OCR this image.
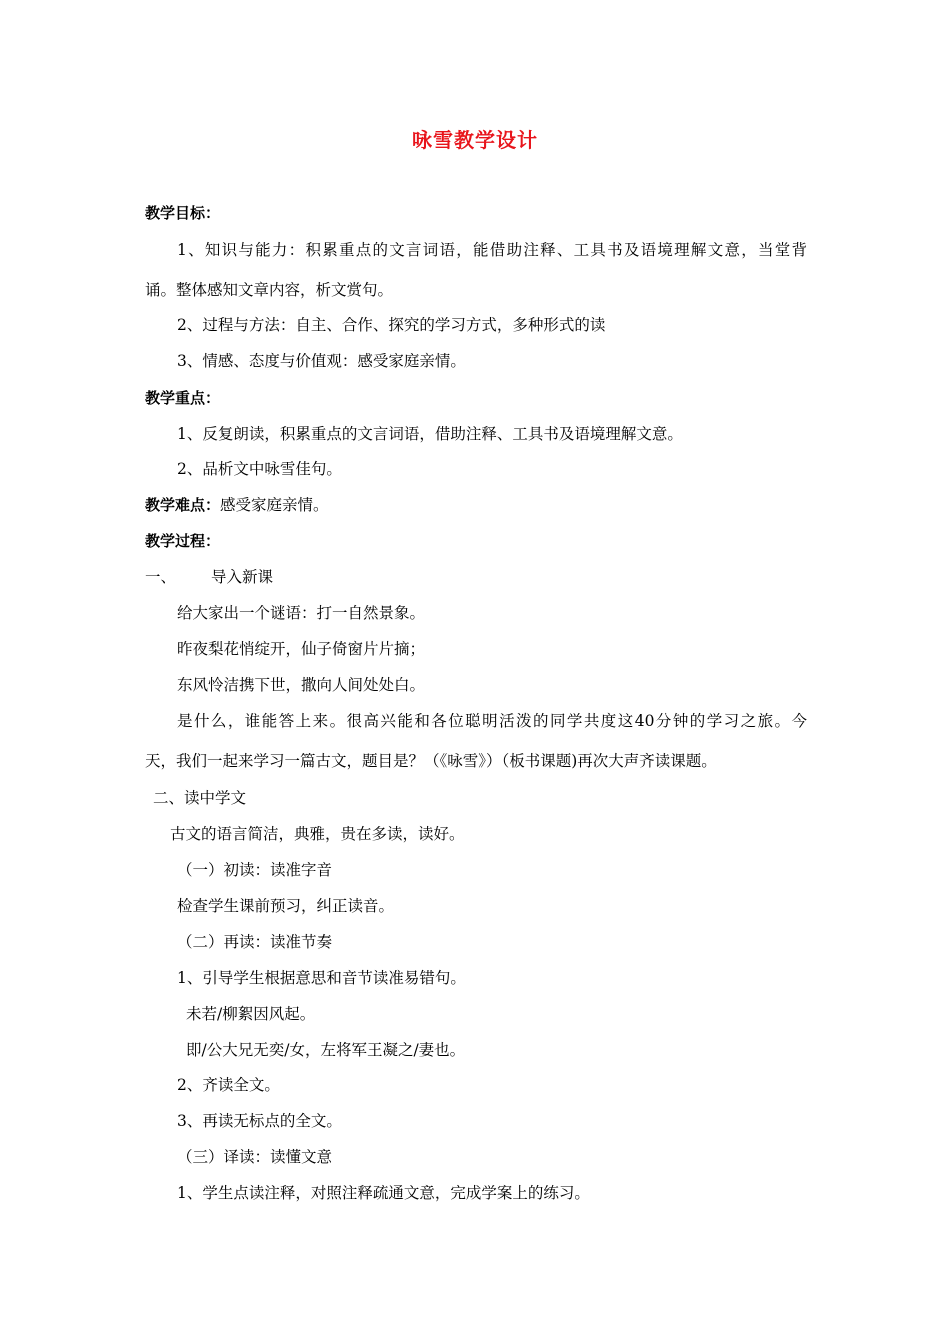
咏雪教学设计
教学目标：
1、知识与能力：积累重点的文言词语，能借助注释、工具书及语境理解文意，当堂背
诵。整体感知文章内容，析文赏句。
2、过程与方法：自主、合作、探究的学习方式，多种形式的读
3、情感、态度与价值观：感受家庭亲情。
教学重点：
1、反复朗读，积累重点的文言词语，借助注释、工具书及语境理解文意。
2、品析文中咏雪佳句。
教学难点：感受家庭亲情。
教学过程：
一、 导入新课
给大家出一个谜语：打一自然景象。
昨夜梨花悄绽开，仙子倚窗片片摘；
东风怜洁携下世，撒向人间处处白。
是什么，谁能答上来。很高兴能和各位聪明活泼的同学共度这40分钟的学习之旅。今
天，我们一起来学习一篇古文，题目是？（《咏雪》）（板书课题)再次大声齐读课题。
二、读中学文
古文的语言简洁，典雅，贵在多读，读好。
（一）初读：读准字音
检查学生课前预习，纠正读音。
（二）再读：读准节奏
1、引导学生根据意思和音节读准易错句。
未若/柳絮因风起。
即/公大兄无奕/女，左将军王凝之/妻也。
2、齐读全文。
3、再读无标点的全文。
（三）译读：读懂文意
1、学生点读注释，对照注释疏通文意，完成学案上的练习。
